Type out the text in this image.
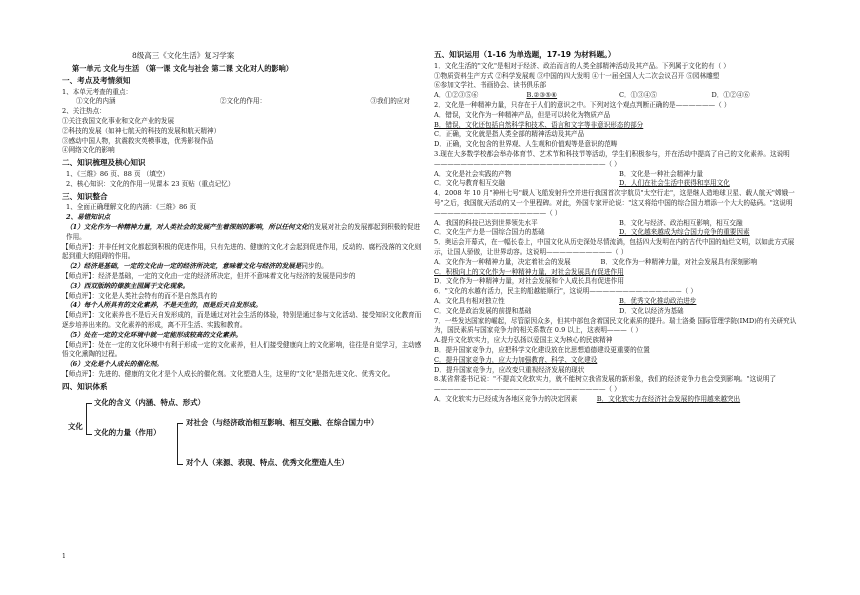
8级高三《文化生活》复习学案

第一单元 文化与生活 （第一课 文化与社会 第二课 文化对人的影响）

一、考点及考情须知

1、本单元考查的重点：

①文化的内涵	②文化的作用：	③我们的应对

2、关注热点：

①关注我国文化事业和文化产业的发展

②科技的发展（如神七航天的科技的发展和航天精神）

③感动中国人物，抗震救灾英模事迹，优秀影视作品

④网络文化的影响

二、知识梳理及核心知识

1、《三维》86 页、88 页 （填空）

2、核心知识：文化的作用一见课本 23 页贴（重点记忆）

三、知识整合

1、全面正确理解文化的内涵：《三维》86 页

2、易错知识点

（1）文化作为一种精神力量，对人类社会的发展产生着深刻的影响，所以任何文化的发展对社会的发展都起到积极的促进作用。

【师点评】：并非任何文化都起到积极的促进作用，只有先进的、健康的文化才会起到促进作用，反动的、腐朽没落的文化则起到重大的阻碍的作用。

（2）经济是基础，一定的文化由一定的经济所决定，意味着文化与经济的发展是同步的。

【师点评】：经济是基础，一定的文化由一定的经济所决定，但并不意味着文化与经济的发展是同步的

（3）西双版纳的傣族主园属于文化现象。

【师点评】：文化是人类社会特有的而不是自然具有的

（4）每个人所具有的文化素养，不是天生的，而是后天自发形成。

【师点评】：文化素养也不是后天自发形成的，而是通过对社会生活的体验，特别是通过参与文化活动、接受知识文化教育而逐步培养出来的。文化素养的形成，离不开生活、实践和教育。

（5）处在一定的文化环境中就一定能形成较高的文化素养。

【师点评】：处在一定的文化环境中有利于形成一定的文化素养，但人们接受健康向上的文化影响，往往是自觉学习，主动感悟文化熏陶的过程。

（6）文化是个人成长的催化剂。

【师点评】：先进的、健康的文化才是个人成长的催化剂。文化塑造人生，这里的"文化"是指先进文化、优秀文化。

四、知识体系
文化
文化的含义（内涵、特点、形式）
文化的力量（作用）
对社会（与经济政治相互影响、相互交融、在综合国力中）
对个人（来源、表现、特点、优秀文化塑造人生）
1
五、知识运用（1-16 为单选题，17-19 为材料题。）

1．文化生活的"文化"是相对于经济、政治而言的人类全部精神活动及其产品。下列属于文化的有（ ）

①物质资料生产方式 ②科学发展观 ③中国的四大发明 ④十一届全国人大二次会议召开 ⑤园林雕塑

⑥参加文学社、书画协会、读书俱乐部

A．①②③⑤⑥	B.②③⑤⑥	C．①③④⑤	D．①②④⑥

2．文化是一种精神力量，只存在于人们的意识之中。下列对这个观点判断正确的是——————（ ）

A．错误，文化作为一种精神产品，但是可以转化为物质产品

B．错误，文化还包括自然科学和技术、语言和文字等非意识形态的部分

C．正确，文化就是指人类全部的精神活动及其产品

D．正确，文化包含的世界观、人生观和价值观等是意识的范畴

3.现在大多数学校都会举办体育节、艺术节和科技节等活动，学生们积极参与，并在活动中提高了自己的文化素养。这说明——————————————————————————（ ）

A．文化是社会实践的产物	B．文化是一种社会精神力量
C．文化与教育相互交融	D．人们在社会生活中获得和享用文化

4．2008 年 10 月"神州七号"载人飞船发射升空并进行我国首次宇航员"太空行走"，这是继人造地球卫星、载人航天"嫦娥一号"之后，我国航天活动的又一个里程碑。对此，外国专家评论说："这又将给中国的综合国力增添一个大大的砝码。"这说明—————————————————（ ）

A．我国的科技已达到世界领先水平	B．文化与经济、政治相互影响，相互交融
C．文化生产力是一国综合国力的基础	D．文化越来越成为综合国力竞争的重要因素

5．奥运会开幕式，在一幅长卷上，中国文化从历史深处尽情流淌，包括四大发明在内的古代中国的灿烂文明，以如此方式展示，让国人骄傲，让世界动容。这说明——————————（ ）

A．文化作为一种精神力量，决定着社会的发展	B．文化作为一种精神力量，对社会发展具有深刻影响

C．积极向上的文化作为一种精神力量，对社会发展具有促进作用

D．文化作为一种精神力量，对社会发展和个人成长具有促进作用

6．"文化的水越有活力，民主的船越能顺行"，这说明——————————————（ ）

A．文化具有相对独立性	B．优秀文化推动政治进步
C．文化是政治发展的前提和基础	D．文化以经济为基础

7．一些发达国家的崛起，尽管原因众多，但其中部包含着国民文化素质的提升。瑞士洛桑 国际管理学院(IMD)的有关研究认为，国民素质与国家竞争力的相关系数在 0.9 以上，这表明———（ ）

A.提升文化软实力，应大力弘扬以爱国主义为核心的民族精神

B．提升国家竞争力，应把科学文化建设放在比思想道德建设更重要的位置

C．提升国家竞争力，应大力加强教育、科学、文化建设

D．提升国家竞争力，应改变只重视经济发展的现状

8.某省常委书记说："不提高文化软实力，就不能树立我省发展的新形象，我们的经济竞争力也会受到影响。"这说明了——————————————————————————（ ）

A．文化软实力已经成为各地区竞争力的决定因素	B．文化软实力在经济社会发展的作用越来越突出
